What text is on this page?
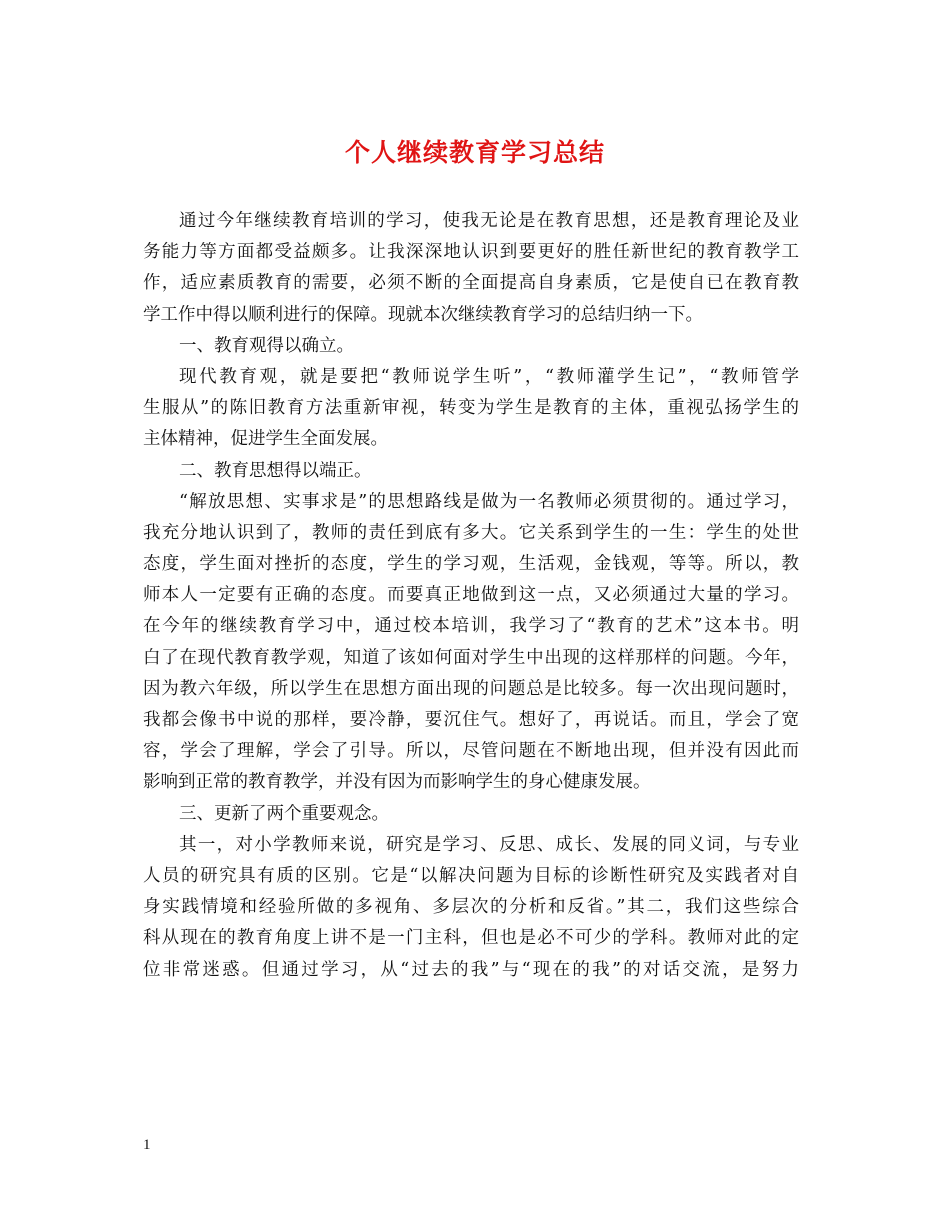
个人继续教育学习总结
通过今年继续教育培训的学习，使我无论是在教育思想，还是教育理论及业
务能力等方面都受益颇多。让我深深地认识到要更好的胜任新世纪的教育教学工
作，适应素质教育的需要，必须不断的全面提高自身素质，它是使自已在教育教
学工作中得以顺利进行的保障。现就本次继续教育学习的总结归纳一下。
一、教育观得以确立。
现代教育观，就是要把“教师说学生听”，“教师灌学生记”，“教师管学
生服从”的陈旧教育方法重新审视，转变为学生是教育的主体，重视弘扬学生的
主体精神，促进学生全面发展。
二、教育思想得以端正。
“解放思想、实事求是”的思想路线是做为一名教师必须贯彻的。通过学习，
我充分地认识到了，教师的责任到底有多大。它关系到学生的一生：学生的处世
态度，学生面对挫折的态度，学生的学习观，生活观，金钱观，等等。所以，教
师本人一定要有正确的态度。而要真正地做到这一点，又必须通过大量的学习。
在今年的继续教育学习中，通过校本培训，我学习了“教育的艺术”这本书。明
白了在现代教育教学观，知道了该如何面对学生中出现的这样那样的问题。今年，
因为教六年级，所以学生在思想方面出现的问题总是比较多。每一次出现问题时，
我都会像书中说的那样，要冷静，要沉住气。想好了，再说话。而且，学会了宽
容，学会了理解，学会了引导。所以，尽管问题在不断地出现，但并没有因此而
影响到正常的教育教学，并没有因为而影响学生的身心健康发展。
三、更新了两个重要观念。
其一，对小学教师来说，研究是学习、反思、成长、发展的同义词，与专业
人员的研究具有质的区别。它是“以解决问题为目标的诊断性研究及实践者对自
身实践情境和经验所做的多视角、多层次的分析和反省。”其二，我们这些综合
科从现在的教育角度上讲不是一门主科，但也是必不可少的学科。教师对此的定
位非常迷惑。但通过学习，从“过去的我”与“现在的我”的对话交流，是努力
1
